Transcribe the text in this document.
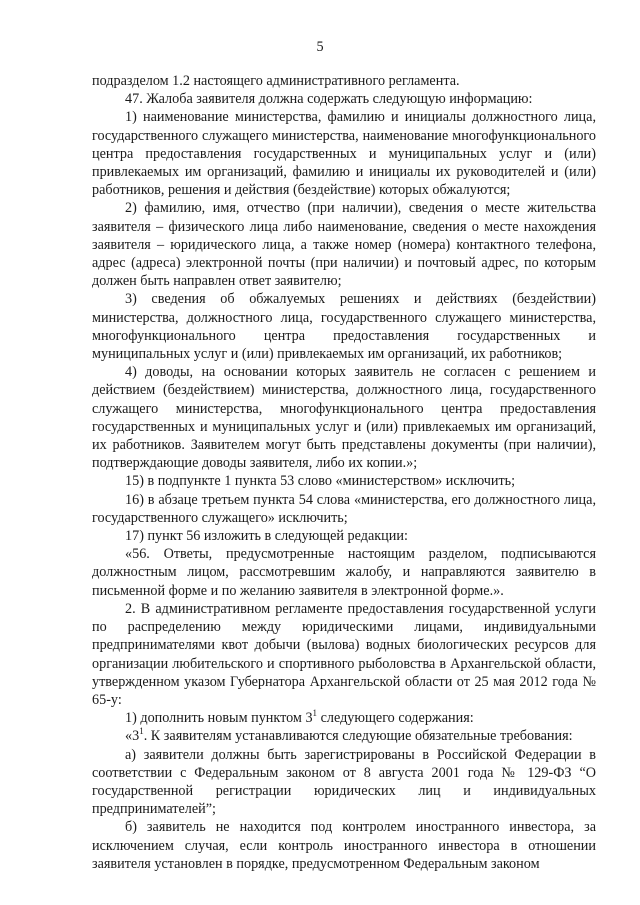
5

подразделом 1.2 настоящего административного регламента.

47. Жалоба заявителя должна содержать следующую информацию:

1) наименование министерства, фамилию и инициалы должностного лица, государственного служащего министерства, наименование многофункционального центра предоставления государственных и муниципальных услуг и (или) привлекаемых им организаций, фамилию и инициалы их руководителей и (или) работников, решения и действия (бездействие) которых обжалуются;

2) фамилию, имя, отчество (при наличии), сведения о месте жительства заявителя – физического лица либо наименование, сведения о месте нахождения заявителя – юридического лица, а также номер (номера) контактного телефона, адрес (адреса) электронной почты (при наличии) и почтовый адрес, по которым должен быть направлен ответ заявителю;

3) сведения об обжалуемых решениях и действиях (бездействии) министерства, должностного лица, государственного служащего министерства, многофункционального центра предоставления государственных и муниципальных услуг и (или) привлекаемых им организаций, их работников;

4) доводы, на основании которых заявитель не согласен с решением и действием (бездействием) министерства, должностного лица, государственного служащего министерства, многофункционального центра предоставления государственных и муниципальных услуг и (или) привлекаемых им организаций, их работников. Заявителем могут быть представлены документы (при наличии), подтверждающие доводы заявителя, либо их копии.»;

15) в подпункте 1 пункта 53 слово «министерством» исключить;

16) в абзаце третьем пункта 54 слова «министерства, его должностного лица, государственного служащего» исключить;

17) пункт 56 изложить в следующей редакции:

«56. Ответы, предусмотренные настоящим разделом, подписываются должностным лицом, рассмотревшим жалобу, и направляются заявителю в письменной форме и по желанию заявителя в электронной форме.».

2. В административном регламенте предоставления государственной услуги по распределению между юридическими лицами, индивидуальными предпринимателями квот добычи (вылова) водных биологических ресурсов для организации любительского и спортивного рыболовства в Архангельской области, утвержденном указом Губернатора Архангельской области от 25 мая 2012 года № 65-у:

1) дополнить новым пунктом $3^1$ следующего содержания:

«$3^1$. К заявителям устанавливаются следующие обязательные требования:

а) заявители должны быть зарегистрированы в Российской Федерации в соответствии с Федеральным законом от 8 августа 2001 года № 129-ФЗ “О государственной регистрации юридических лиц и индивидуальных предпринимателей”;

б) заявитель не находится под контролем иностранного инвестора, за исключением случая, если контроль иностранного инвестора в отношении заявителя установлен в порядке, предусмотренном Федеральным законом
